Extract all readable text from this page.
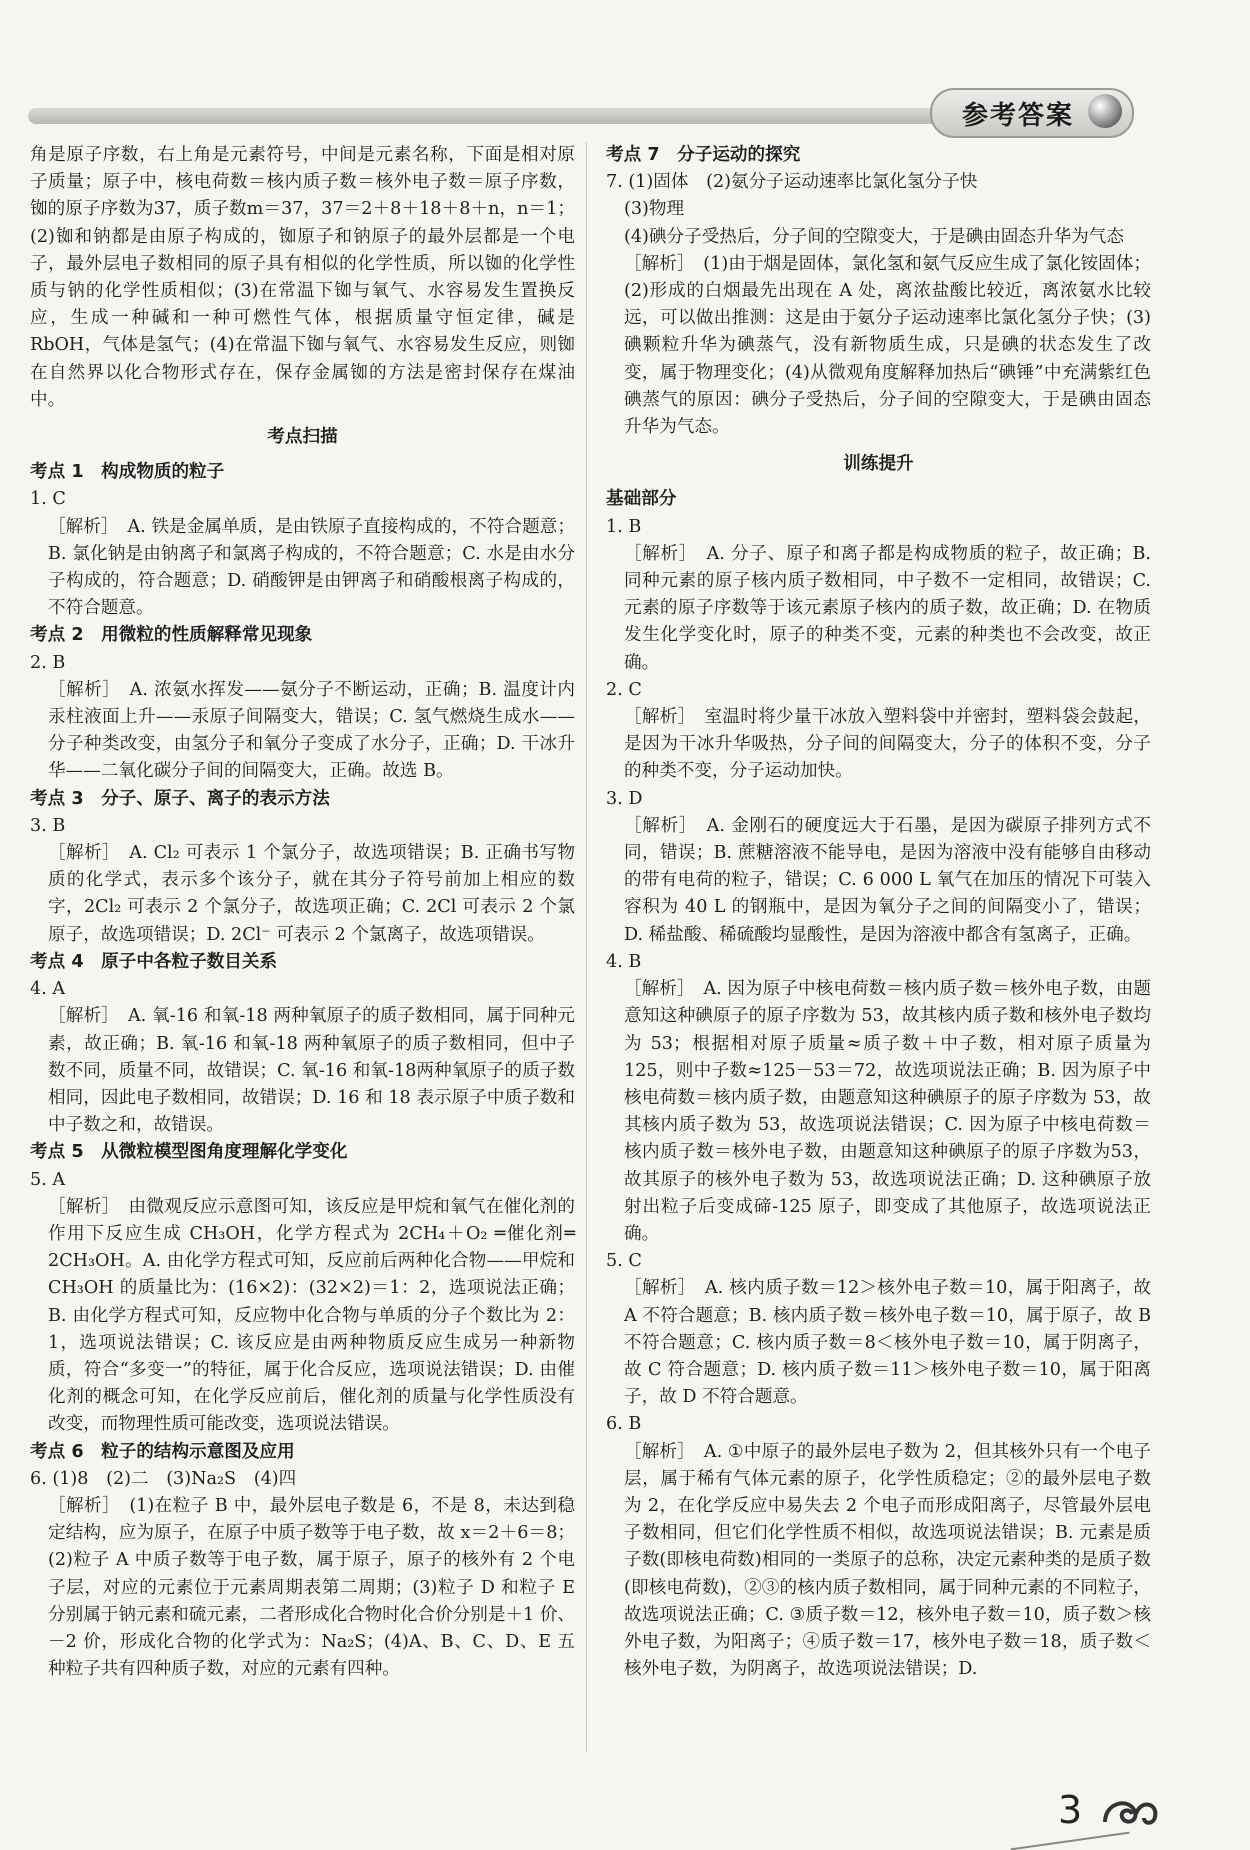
参考答案

角是原子序数，右上角是元素符号，中间是元素名称，下面是相对原子质量；原子中，核电荷数＝核内质子数＝核外电子数＝原子序数，铷的原子序数为37，质子数m＝37，37＝2＋8＋18＋8＋n，n＝1；(2)铷和钠都是由原子构成的，铷原子和钠原子的最外层都是一个电子，最外层电子数相同的原子具有相似的化学性质，所以铷的化学性质与钠的化学性质相似；(3)在常温下铷与氧气、水容易发生置换反应，生成一种碱和一种可燃性气体，根据质量守恒定律，碱是RbOH，气体是氢气；(4)在常温下铷与氧气、水容易发生反应，则铷在自然界以化合物形式存在，保存金属铷的方法是密封保存在煤油中。

考点扫描

考点 1　构成物质的粒子

1. C

［解析］　A. 铁是金属单质，是由铁原子直接构成的，不符合题意；B. 氯化钠是由钠离子和氯离子构成的，不符合题意；C. 水是由水分子构成的，符合题意；D. 硝酸钾是由钾离子和硝酸根离子构成的，不符合题意。

考点 2　用微粒的性质解释常见现象

2. B

［解析］　A. 浓氨水挥发——氨分子不断运动，正确；B. 温度计内汞柱液面上升——汞原子间隔变大，错误；C. 氢气燃烧生成水——分子种类改变，由氢分子和氧分子变成了水分子，正确；D. 干冰升华——二氧化碳分子间的间隔变大，正确。故选 B。

考点 3　分子、原子、离子的表示方法

3. B

［解析］　A. Cl₂ 可表示 1 个氯分子，故选项错误；B. 正确书写物质的化学式，表示多个该分子，就在其分子符号前加上相应的数字，2Cl₂ 可表示 2 个氯分子，故选项正确；C. 2Cl 可表示 2 个氯原子，故选项错误；D. 2Cl⁻ 可表示 2 个氯离子，故选项错误。

考点 4　原子中各粒子数目关系

4. A

［解析］　A. 氧-16 和氧-18 两种氧原子的质子数相同，属于同种元素，故正确；B. 氧-16 和氧-18 两种氧原子的质子数相同，但中子数不同，质量不同，故错误；C. 氧-16 和氧-18两种氧原子的质子数相同，因此电子数相同，故错误；D. 16 和 18 表示原子中质子数和中子数之和，故错误。

考点 5　从微粒模型图角度理解化学变化

5. A

［解析］　由微观反应示意图可知，该反应是甲烷和氧气在催化剂的作用下反应生成 CH₃OH，化学方程式为 2CH₄＋O₂ ═催化剂═ 2CH₃OH。A. 由化学方程式可知，反应前后两种化合物——甲烷和 CH₃OH 的质量比为：(16×2)：(32×2)＝1：2，选项说法正确；B. 由化学方程式可知，反应物中化合物与单质的分子个数比为 2：1，选项说法错误；C. 该反应是由两种物质反应生成另一种新物质，符合“多变一”的特征，属于化合反应，选项说法错误；D. 由催化剂的概念可知，在化学反应前后，催化剂的质量与化学性质没有改变，而物理性质可能改变，选项说法错误。

考点 6　粒子的结构示意图及应用

6. (1)8　(2)二　(3)Na₂S　(4)四

［解析］　(1)在粒子 B 中，最外层电子数是 6，不是 8，未达到稳定结构，应为原子，在原子中质子数等于电子数，故 x＝2＋6＝8；(2)粒子 A 中质子数等于电子数，属于原子，原子的核外有 2 个电子层，对应的元素位于元素周期表第二周期；(3)粒子 D 和粒子 E 分别属于钠元素和硫元素，二者形成化合物时化合价分别是＋1 价、－2 价，形成化合物的化学式为：Na₂S；(4)A、B、C、D、E 五种粒子共有四种质子数，对应的元素有四种。

考点 7　分子运动的探究

7. (1)固体　(2)氨分子运动速率比氯化氢分子快

(3)物理

(4)碘分子受热后，分子间的空隙变大，于是碘由固态升华为气态

［解析］　(1)由于烟是固体，氯化氢和氨气反应生成了氯化铵固体；(2)形成的白烟最先出现在 A 处，离浓盐酸比较近，离浓氨水比较远，可以做出推测：这是由于氨分子运动速率比氯化氢分子快；(3)碘颗粒升华为碘蒸气，没有新物质生成，只是碘的状态发生了改变，属于物理变化；(4)从微观角度解释加热后“碘锤”中充满紫红色碘蒸气的原因：碘分子受热后，分子间的空隙变大，于是碘由固态升华为气态。

训练提升

基础部分

1. B

［解析］　A. 分子、原子和离子都是构成物质的粒子，故正确；B. 同种元素的原子核内质子数相同，中子数不一定相同，故错误；C. 元素的原子序数等于该元素原子核内的质子数，故正确；D. 在物质发生化学变化时，原子的种类不变，元素的种类也不会改变，故正确。

2. C

［解析］　室温时将少量干冰放入塑料袋中并密封，塑料袋会鼓起，是因为干冰升华吸热，分子间的间隔变大，分子的体积不变，分子的种类不变，分子运动加快。

3. D

［解析］　A. 金刚石的硬度远大于石墨，是因为碳原子排列方式不同，错误；B. 蔗糖溶液不能导电，是因为溶液中没有能够自由移动的带有电荷的粒子，错误；C. 6 000 L 氧气在加压的情况下可装入容积为 40 L 的钢瓶中，是因为氧分子之间的间隔变小了，错误；D. 稀盐酸、稀硫酸均显酸性，是因为溶液中都含有氢离子，正确。

4. B

［解析］　A. 因为原子中核电荷数＝核内质子数＝核外电子数，由题意知这种碘原子的原子序数为 53，故其核内质子数和核外电子数均为 53；根据相对原子质量≈质子数＋中子数，相对原子质量为 125，则中子数≈125－53＝72，故选项说法正确；B. 因为原子中核电荷数＝核内质子数，由题意知这种碘原子的原子序数为 53，故其核内质子数为 53，故选项说法错误；C. 因为原子中核电荷数＝核内质子数＝核外电子数，由题意知这种碘原子的原子序数为53，故其原子的核外电子数为 53，故选项说法正确；D. 这种碘原子放射出粒子后变成碲-125 原子，即变成了其他原子，故选项说法正确。

5. C

［解析］　A. 核内质子数＝12＞核外电子数＝10，属于阳离子，故 A 不符合题意；B. 核内质子数＝核外电子数＝10，属于原子，故 B 不符合题意；C. 核内质子数＝8＜核外电子数＝10，属于阴离子，故 C 符合题意；D. 核内质子数＝11＞核外电子数＝10，属于阳离子，故 D 不符合题意。

6. B

［解析］　A. ①中原子的最外层电子数为 2，但其核外只有一个电子层，属于稀有气体元素的原子，化学性质稳定；②的最外层电子数为 2，在化学反应中易失去 2 个电子而形成阳离子，尽管最外层电子数相同，但它们化学性质不相似，故选项说法错误；B. 元素是质子数(即核电荷数)相同的一类原子的总称，决定元素种类的是质子数(即核电荷数)，②③的核内质子数相同，属于同种元素的不同粒子，故选项说法正确；C. ③质子数＝12，核外电子数＝10，质子数＞核外电子数，为阳离子；④质子数＝17，核外电子数＝18，质子数＜核外电子数，为阴离子，故选项说法错误；D.

3
